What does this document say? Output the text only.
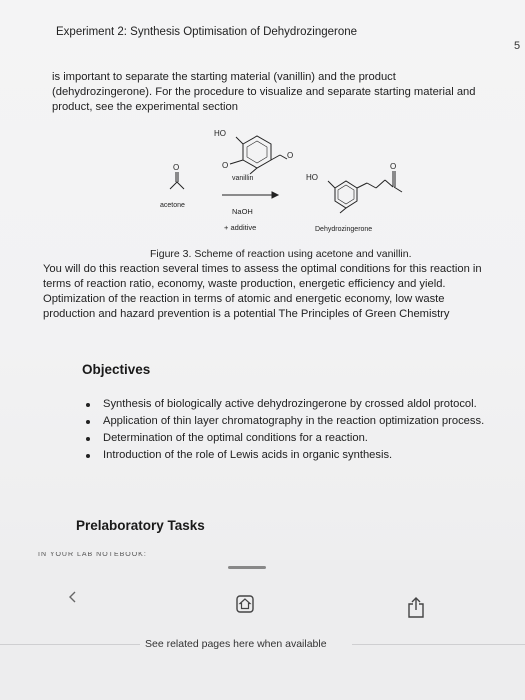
Experiment 2: Synthesis Optimisation of Dehydrozingerone
5

is important to separate the starting material (vanillin) and the product
(dehydrozingerone). For the procedure to visualize and separate starting material and
product, see the experimental section

HO
O
O
vanillin
O
acetone
NaOH
+ additive
HO
O
Dehydrozingerone
Figure 3. Scheme of reaction using acetone and vanillin.

You will do this reaction several times to assess the optimal conditions for this reaction in
terms of reaction ratio, economy, waste production, energetic efficiency and yield.
Optimization of the reaction in terms of atomic and energetic economy, low waste
production and hazard prevention is a potential The Principles of Green Chemistry

Objectives
Synthesis of biologically active dehydrozingerone by crossed aldol protocol.
Application of thin layer chromatography in the reaction optimization process.
Determination of the optimal conditions for a reaction.
Introduction of the role of Lewis acids in organic synthesis.
Prelaboratory Tasks
IN YOUR LAB NOTEBOOK:
See related pages here when available
